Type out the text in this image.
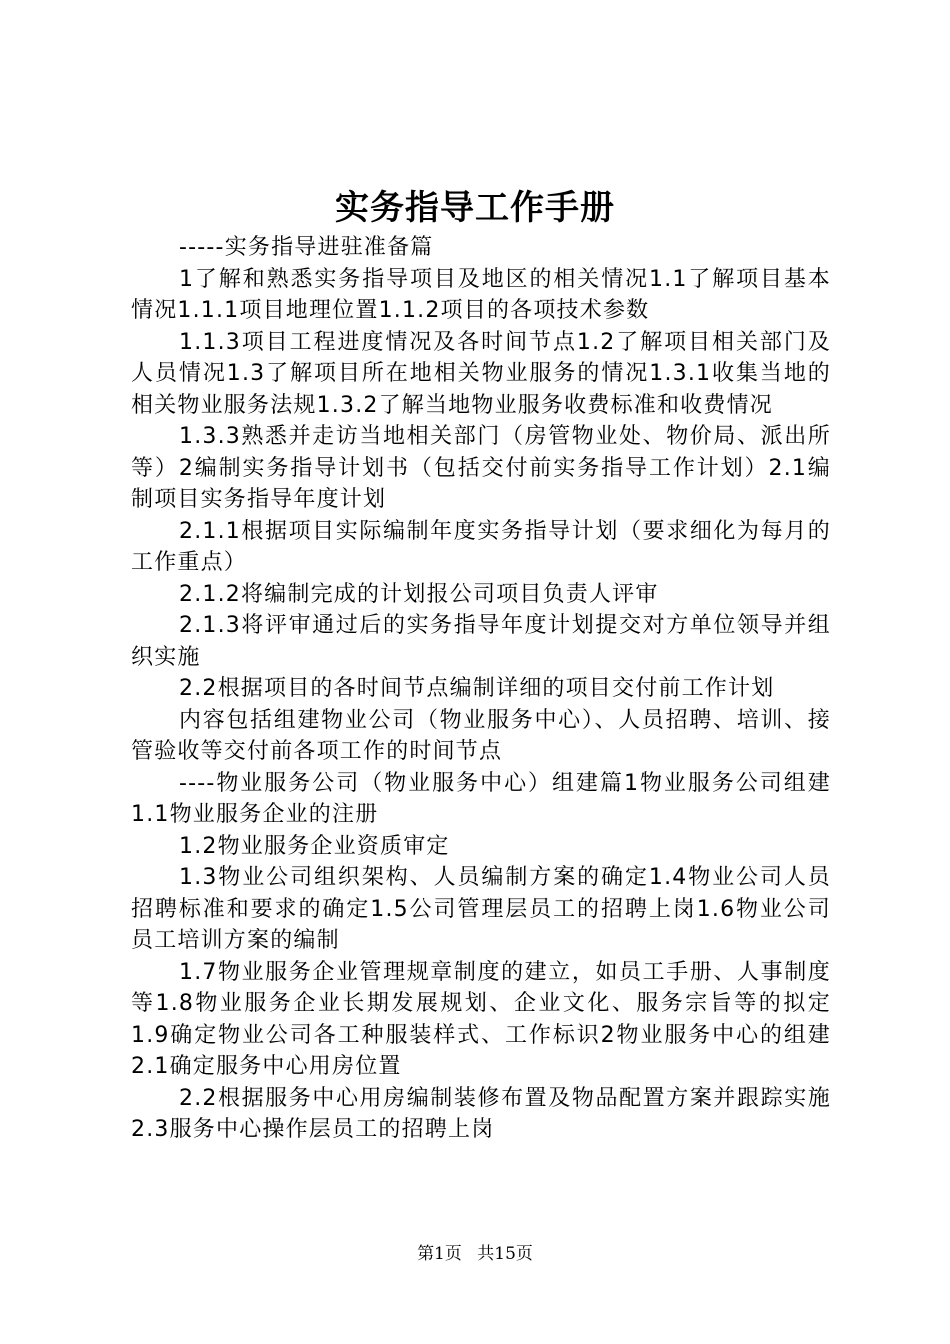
实务指导工作手册

-----实务指导进驻准备篇

1了解和熟悉实务指导项目及地区的相关情况1.1了解项目基本情况1.1.1项目地理位置1.1.2项目的各项技术参数

1.1.3项目工程进度情况及各时间节点1.2了解项目相关部门及人员情况1.3了解项目所在地相关物业服务的情况1.3.1收集当地的相关物业服务法规1.3.2了解当地物业服务收费标准和收费情况

1.3.3熟悉并走访当地相关部门（房管物业处、物价局、派出所等）2编制实务指导计划书（包括交付前实务指导工作计划）2.1编制项目实务指导年度计划

2.1.1根据项目实际编制年度实务指导计划（要求细化为每月的工作重点）

2.1.2将编制完成的计划报公司项目负责人评审

2.1.3将评审通过后的实务指导年度计划提交对方单位领导并组织实施

2.2根据项目的各时间节点编制详细的项目交付前工作计划

内容包括组建物业公司（物业服务中心）、人员招聘、培训、接管验收等交付前各项工作的时间节点

----物业服务公司（物业服务中心）组建篇1物业服务公司组建1.1物业服务企业的注册

1.2物业服务企业资质审定

1.3物业公司组织架构、人员编制方案的确定1.4物业公司人员招聘标准和要求的确定1.5公司管理层员工的招聘上岗1.6物业公司员工培训方案的编制

1.7物业服务企业管理规章制度的建立，如员工手册、人事制度等1.8物业服务企业长期发展规划、企业文化、服务宗旨等的拟定1.9确定物业公司各工种服装样式、工作标识2物业服务中心的组建2.1确定服务中心用房位置

2.2根据服务中心用房编制装修布置及物品配置方案并跟踪实施2.3服务中心操作层员工的招聘上岗

第1页 共15页
